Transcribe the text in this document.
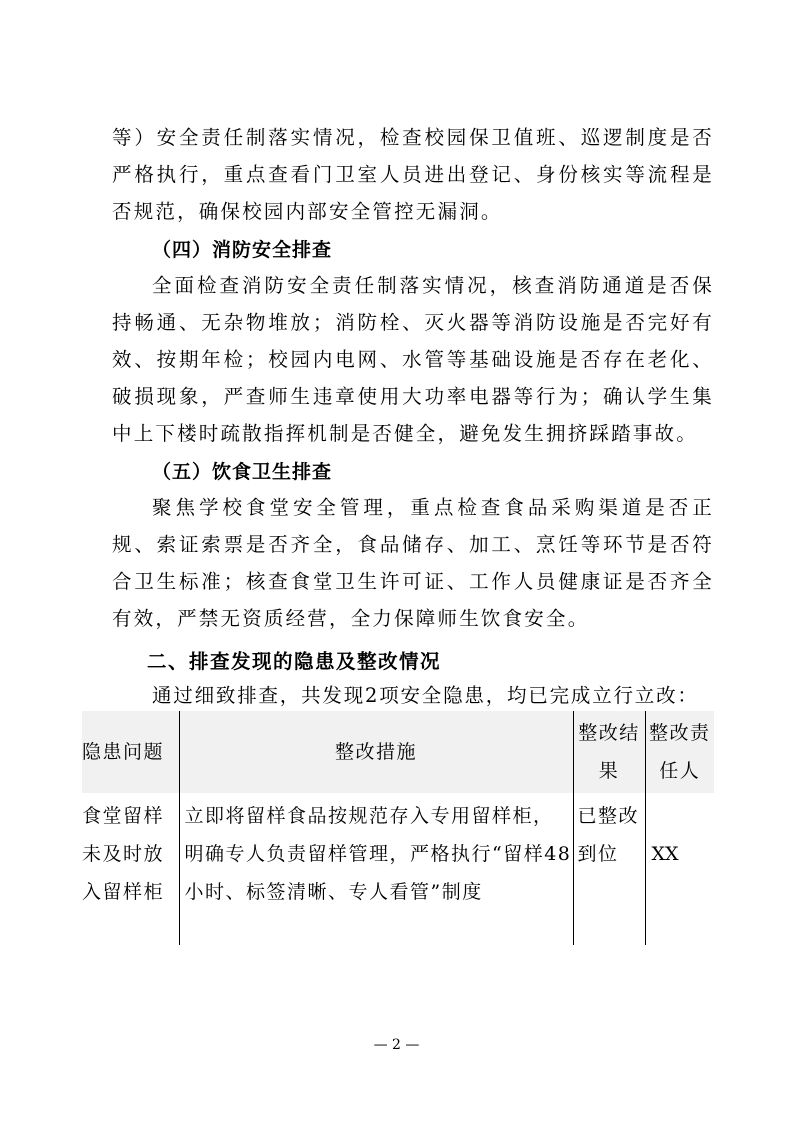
等）安全责任制落实情况，检查校园保卫值班、巡逻制度是否严格执行，重点查看门卫室人员进出登记、身份核实等流程是否规范，确保校园内部安全管控无漏洞。

（四）消防安全排查

全面检查消防安全责任制落实情况，核查消防通道是否保持畅通、无杂物堆放；消防栓、灭火器等消防设施是否完好有效、按期年检；校园内电网、水管等基础设施是否存在老化、破损现象，严查师生违章使用大功率电器等行为；确认学生集中上下楼时疏散指挥机制是否健全，避免发生拥挤踩踏事故。

（五）饮食卫生排查

聚焦学校食堂安全管理，重点检查食品采购渠道是否正规、索证索票是否齐全，食品储存、加工、烹饪等环节是否符合卫生标准；核查食堂卫生许可证、工作人员健康证是否齐全有效，严禁无资质经营，全力保障师生饮食安全。

二、排查发现的隐患及整改情况

通过细致排查，共发现2项安全隐患，均已完成立行立改：

隐患问题	整改措施	整改结果	整改责任人
食堂留样未及时放入留样柜	立即将留样食品按规范存入专用留样柜，明确专人负责留样管理，严格执行“留样48小时、标签清晰、专人看管”制度	已整改到位	XX

— 2 —
